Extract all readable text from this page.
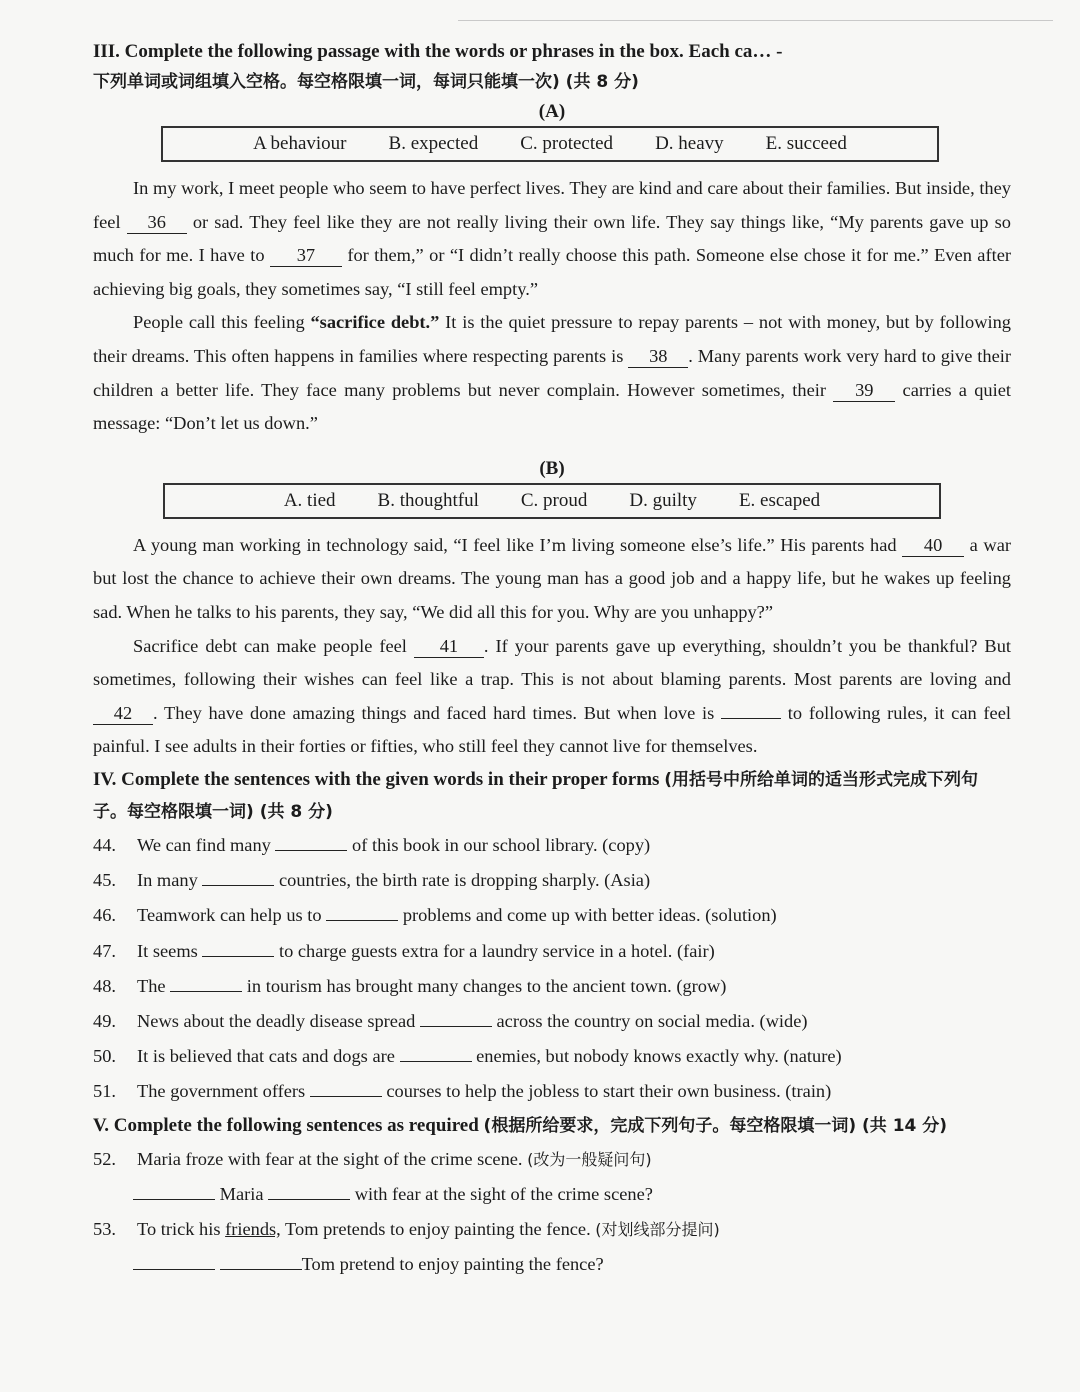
III. Complete the following passage with the words or phrases in the box. Each ca… -
下列单词或词组填入空格。每空格限填一词，每词只能填一次) (共 8 分)
(A)
A behaviour B. expected C. protected D. heavy E. succeed

In my work, I meet people who seem to have perfect lives. They are kind and care about their families. But inside, they feel 36 or sad. They feel like they are not really living their own life. They say things like, “My parents gave up so much for me. I have to 37 for them,” or “I didn’t really choose this path. Someone else chose it for me.” Even after achieving big goals, they sometimes say, “I still feel empty.”

People call this feeling “sacrifice debt.” It is the quiet pressure to repay parents – not with money, but by following their dreams. This often happens in families where respecting parents is 38 . Many parents work very hard to give their children a better life. They face many problems but never complain. However sometimes, their 39 carries a quiet message: “Don’t let us down.”

(B)
A. tied B. thoughtful C. proud D. guilty E. escaped

A young man working in technology said, “I feel like I’m living someone else’s life.” His parents had 40 a war but lost the chance to achieve their own dreams. The young man has a good job and a happy life, but he wakes up feeling sad. When he talks to his parents, they say, “We did all this for you. Why are you unhappy?”

Sacrifice debt can make people feel 41 . If your parents gave up everything, shouldn’t you be thankful? But sometimes, following their wishes can feel like a trap. This is not about blaming parents. Most parents are loving and 42 . They have done amazing things and faced hard times. But when love is	to following rules, it can feel painful. I see adults in their forties or fifties, who still feel they cannot live for themselves.

IV. Complete the sentences with the given words in their proper forms (用括号中所给单词的适当形式完成下列句子。每空格限填一词) (共 8 分)
44.	We can find many	of this book in our school library. (copy)
45.	In many	countries, the birth rate is dropping sharply. (Asia)
46.	Teamwork can help us to	problems and come up with better ideas. (solution)
47.	It seems	to charge guests extra for a laundry service in a hotel. (fair)
48.	The	in tourism has brought many changes to the ancient town. (grow)
49.	News about the deadly disease spread	across the country on social media. (wide)
50.	It is believed that cats and dogs are	enemies, but nobody knows exactly why. (nature)
51.	The government offers	courses to help the jobless to start their own business. (train)
V. Complete the following sentences as required (根据所给要求，完成下列句子。每空格限填一词) (共 14 分)
52.	Maria froze with fear at the sight of the crime scene. (改为一般疑问句)
Maria	with fear at the sight of the crime scene?
53.	To trick his friends, Tom pretends to enjoy painting the fence. (对划线部分提问)
Tom pretend to enjoy painting the fence?
